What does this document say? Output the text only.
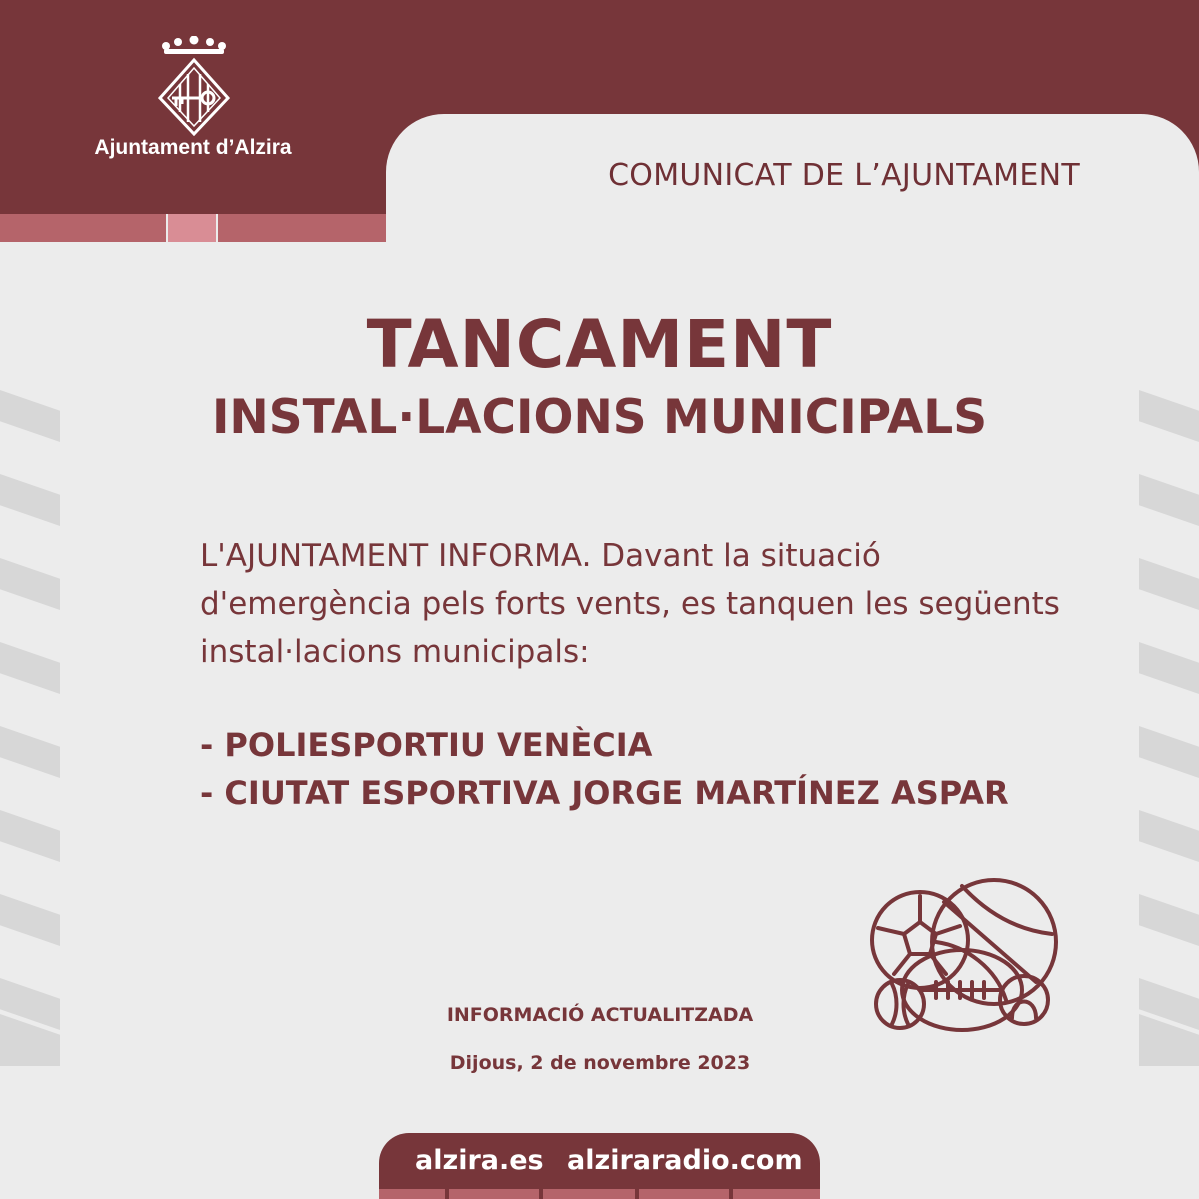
Ajuntament d’Alzira
COMUNICAT DE L’AJUNTAMENT
TANCAMENT
INSTAL·LACIONS MUNICIPALS
L'AJUNTAMENT INFORMA. Davant la situació d'emergència pels forts vents, es tanquen les següents instal·lacions municipals:
- POLIESPORTIU VENÈCIA
- CIUTAT ESPORTIVA JORGE MARTÍNEZ ASPAR
INFORMACIÓ ACTUALITZADA
Dijous, 2 de novembre 2023
alzira.es alziraradio.com
